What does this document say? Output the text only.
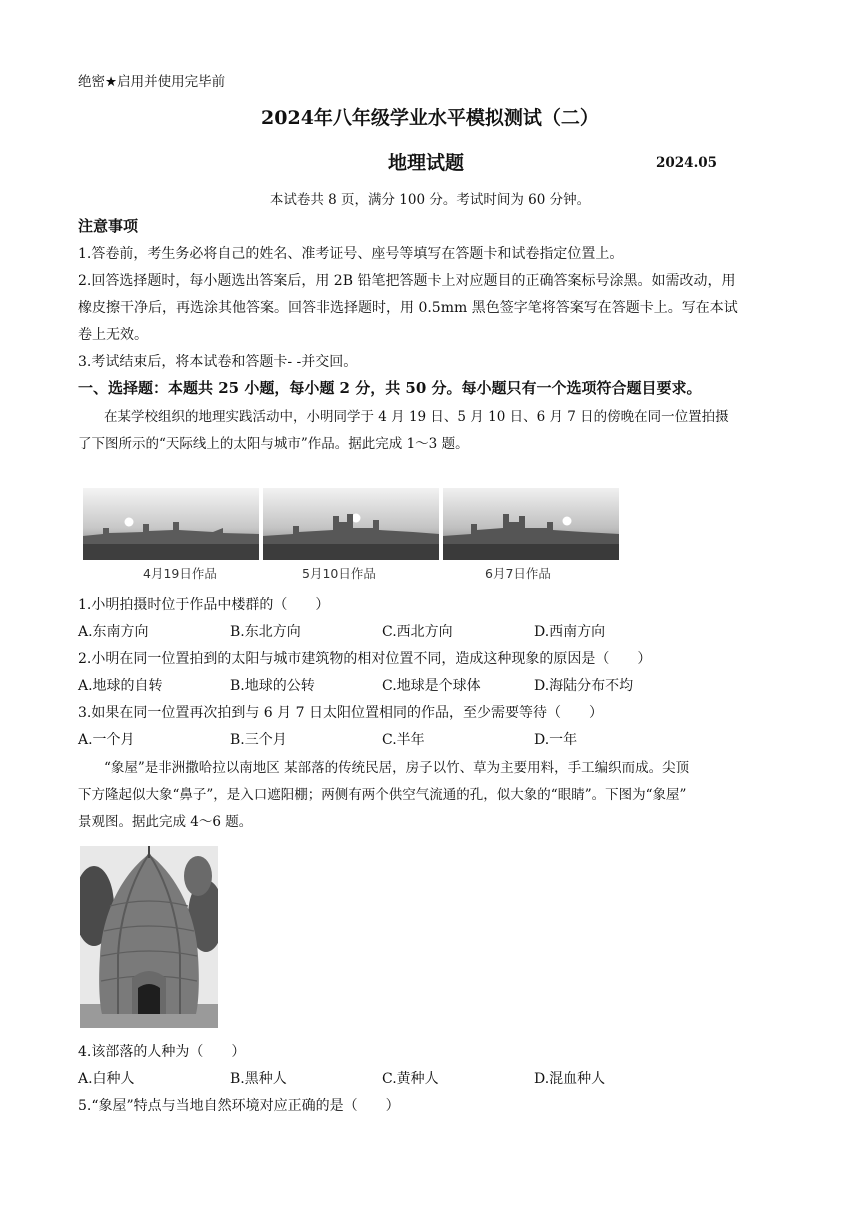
绝密★启用并使用完毕前
2024年八年级学业水平模拟测试（二）
地理试题	2024.05
本试卷共 8 页，满分 100 分。考试时间为 60 分钟。
注意事项
1.答卷前，考生务必将自己的姓名、准考证号、座号等填写在答题卡和试卷指定位置上。
2.回答选择题时，每小题选出答案后，用 2B 铅笔把答题卡上对应题目的正确答案标号涂黑。如需改动，用
橡皮擦干净后，再选涂其他答案。回答非选择题时，用 0.5mm 黑色签字笔将答案写在答题卡上。写在本试
卷上无效。
3.考试结束后，将本试卷和答题卡- -并交回。
一、选择题：本题共 25 小题，每小题 2 分，共 50 分。每小题只有一个选项符合题目要求。
在某学校组织的地理实践活动中，小明同学于 4 月 19 日、5 月 10 日、6 月 7 日的傍晚在同一位置拍摄
了下图所示的“天际线上的太阳与城市”作品。据此完成 1～3 题。
4月19日作品	5月10日作品	6月7日作品
1.小明拍摄时位于作品中楼群的（　　）
A.东南方向	B.东北方向	C.西北方向	D.西南方向
2.小明在同一位置拍到的太阳与城市建筑物的相对位置不同，造成这种现象的原因是（　　）
A.地球的自转	B.地球的公转	C.地球是个球体	D.海陆分布不均
3.如果在同一位置再次拍到与 6 月 7 日太阳位置相同的作品，至少需要等待（　　）
A.一个月	B.三个月	C.半年	D.一年
“象屋”是非洲撒哈拉以南地区 某部落的传统民居，房子以竹、草为主要用料，手工编织而成。尖顶
下方隆起似大象“鼻子”，是入口遮阳棚；两侧有两个供空气流通的孔，似大象的“眼睛”。下图为“象屋”
景观图。据此完成 4～6 题。
4.该部落的人种为（　　）
A.白种人	B.黑种人	C.黄种人	D.混血种人
5.“象屋”特点与当地自然环境对应正确的是（　　）
